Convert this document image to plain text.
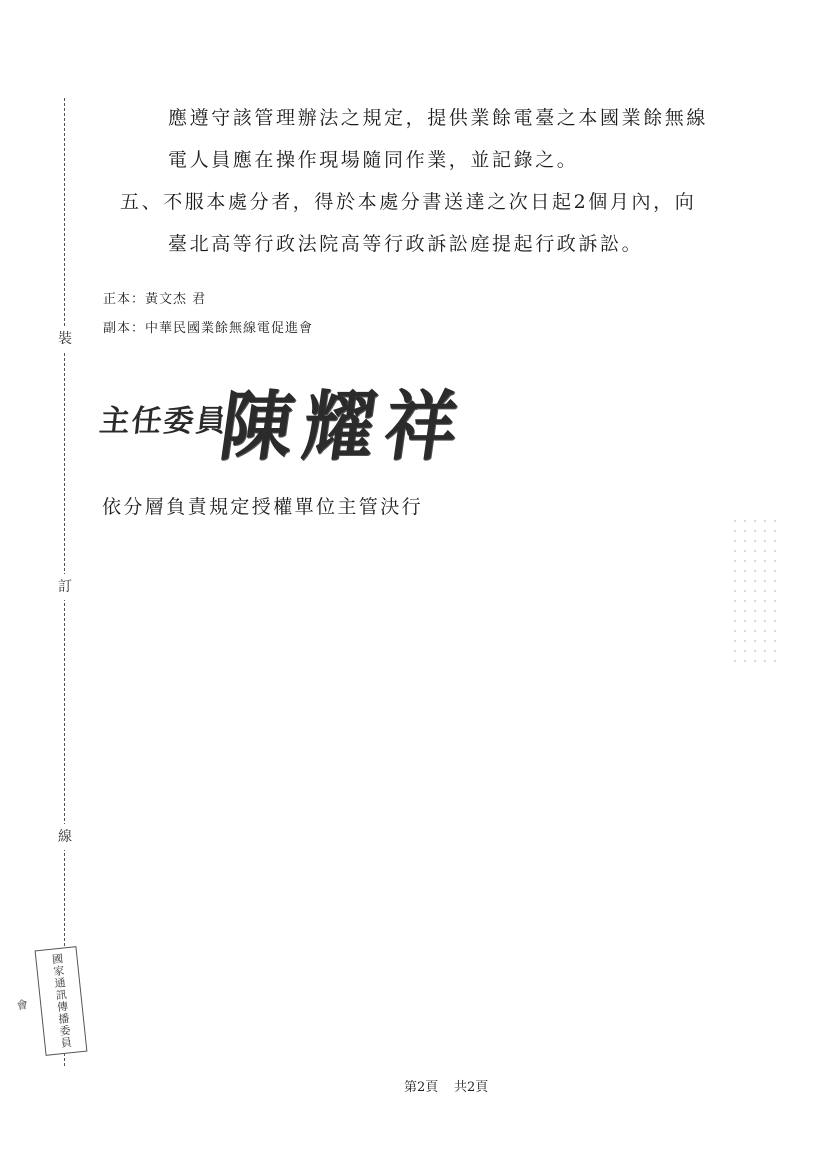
裝
訂
線
應遵守該管理辦法之規定，提供業餘電臺之本國業餘無線
電人員應在操作現場隨同作業，並記錄之。
五、不服本處分者，得於本處分書送達之次日起2個月內，向
臺北高等行政法院高等行政訴訟庭提起行政訴訟。
正本：黃文杰 君
副本：中華民國業餘無線電促進會
主任委員
陳耀祥
依分層負責規定授權單位主管決行
國家通訊傳播委員會
第2頁 共2頁
